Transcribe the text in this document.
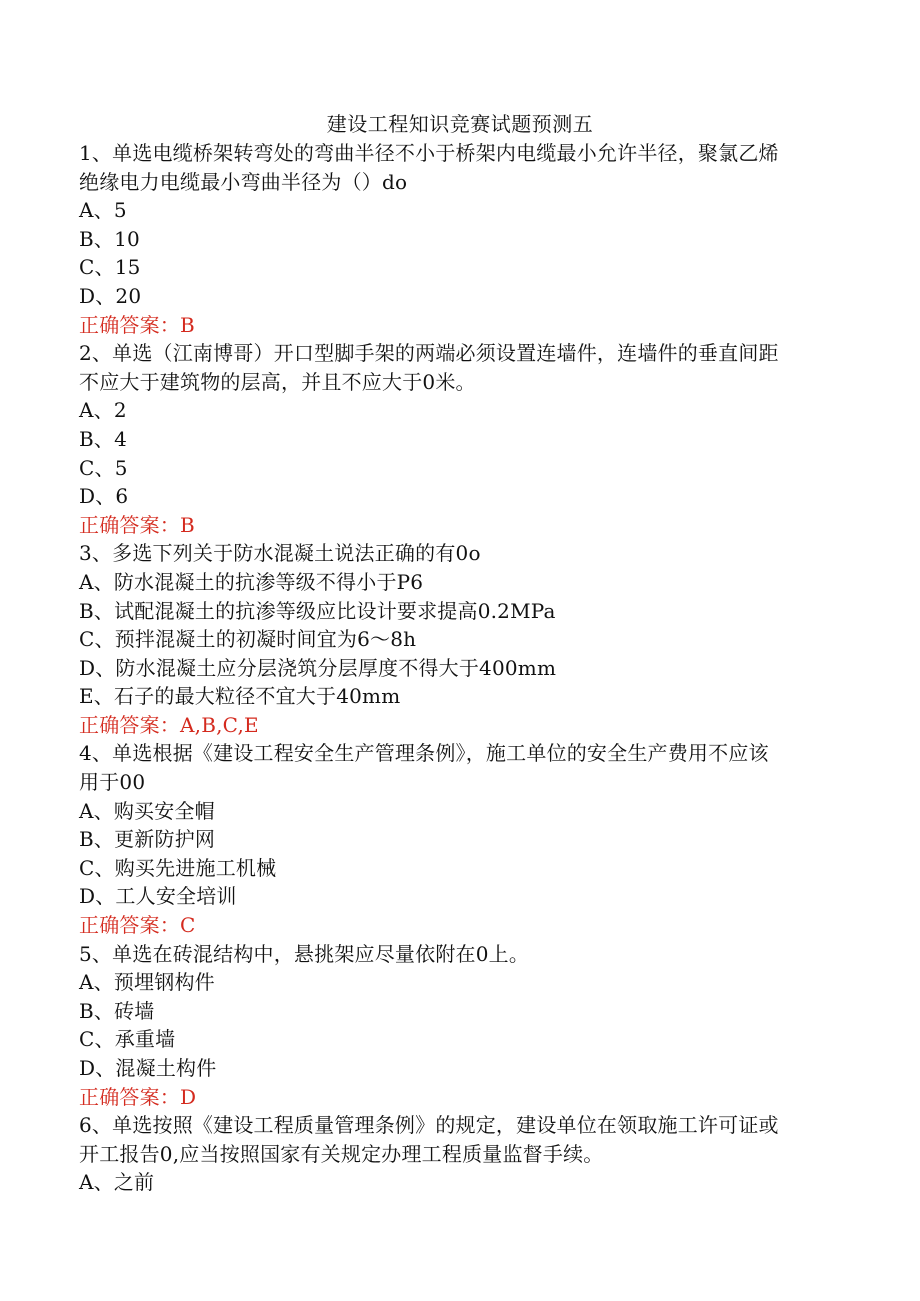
建设工程知识竞赛试题预测五
1、单选电缆桥架转弯处的弯曲半径不小于桥架内电缆最小允许半径，聚氯乙烯
绝缘电力电缆最小弯曲半径为（）do
A、5
B、10
C、15
D、20
正确答案：B
2、单选（江南博哥）开口型脚手架的两端必须设置连墙件，连墙件的垂直间距
不应大于建筑物的层高，并且不应大于0米。
A、2
B、4
C、5
D、6
正确答案：B
3、多选下列关于防水混凝土说法正确的有0o
A、防水混凝土的抗渗等级不得小于P6
B、试配混凝土的抗渗等级应比设计要求提高0.2MPa
C、预拌混凝土的初凝时间宜为6～8h
D、防水混凝土应分层浇筑分层厚度不得大于400mm
E、石子的最大粒径不宜大于40mm
正确答案：A,B,C,E
4、单选根据《建设工程安全生产管理条例》，施工单位的安全生产费用不应该
用于00
A、购买安全帽
B、更新防护网
C、购买先进施工机械
D、工人安全培训
正确答案：C
5、单选在砖混结构中，悬挑架应尽量依附在0上。
A、预埋钢构件
B、砖墙
C、承重墙
D、混凝土构件
正确答案：D
6、单选按照《建设工程质量管理条例》的规定，建设单位在领取施工许可证或
开工报告0,应当按照国家有关规定办理工程质量监督手续。
A、之前
